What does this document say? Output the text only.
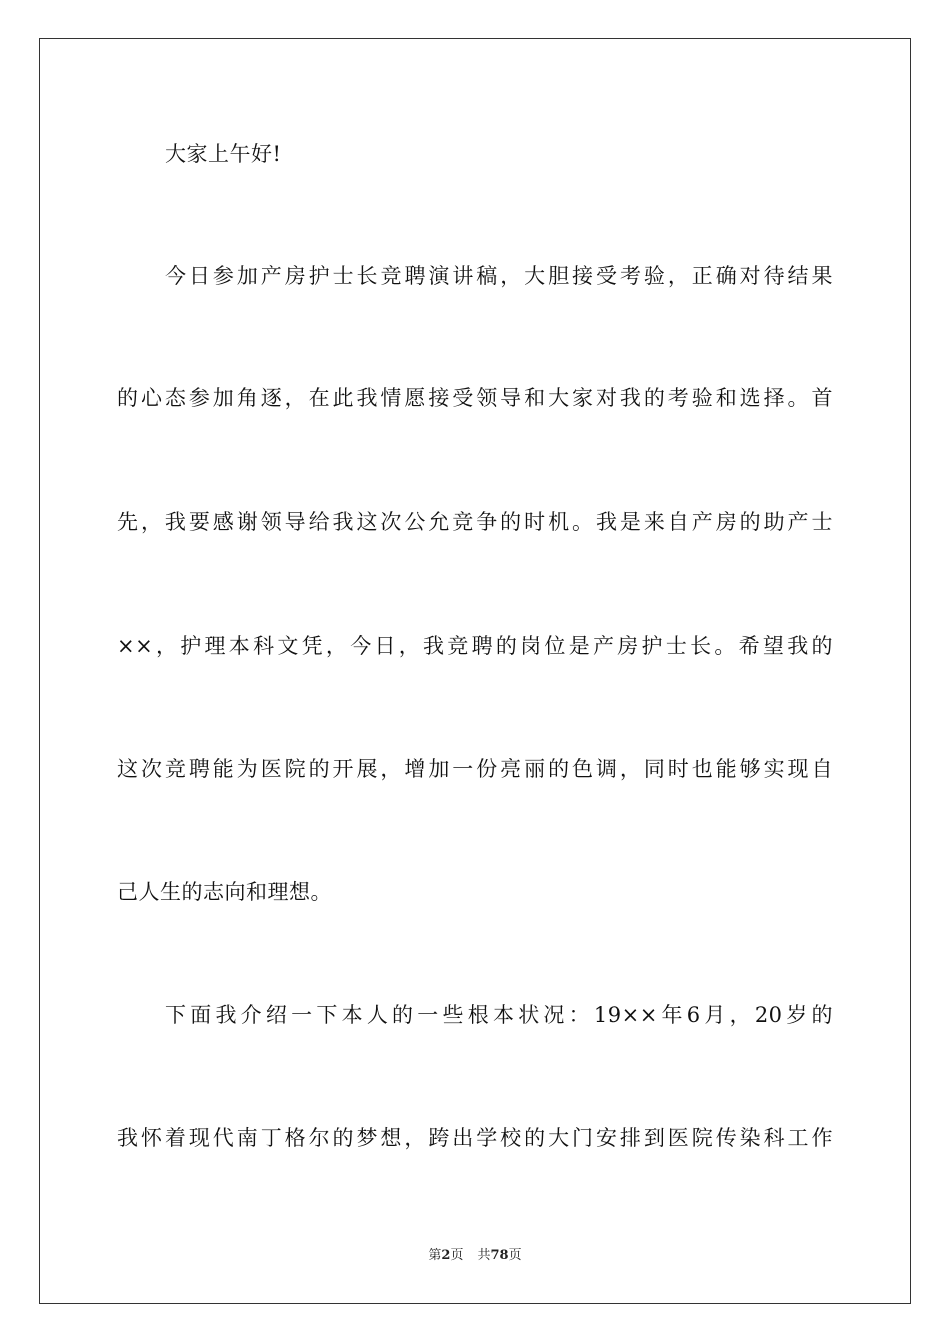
大家上午好!
今日参加产房护士长竞聘演讲稿，大胆接受考验，正确对待结果
的心态参加角逐，在此我情愿接受领导和大家对我的考验和选择。首
先，我要感谢领导给我这次公允竞争的时机。我是来自产房的助产士
××，护理本科文凭，今日，我竞聘的岗位是产房护士长。希望我的
这次竞聘能为医院的开展，增加一份亮丽的色调，同时也能够实现自
己人生的志向和理想。
下面我介绍一下本人的一些根本状况：19××年6月，20岁的
我怀着现代南丁格尔的梦想，跨出学校的大门安排到医院传染科工作
第2页 共78页
